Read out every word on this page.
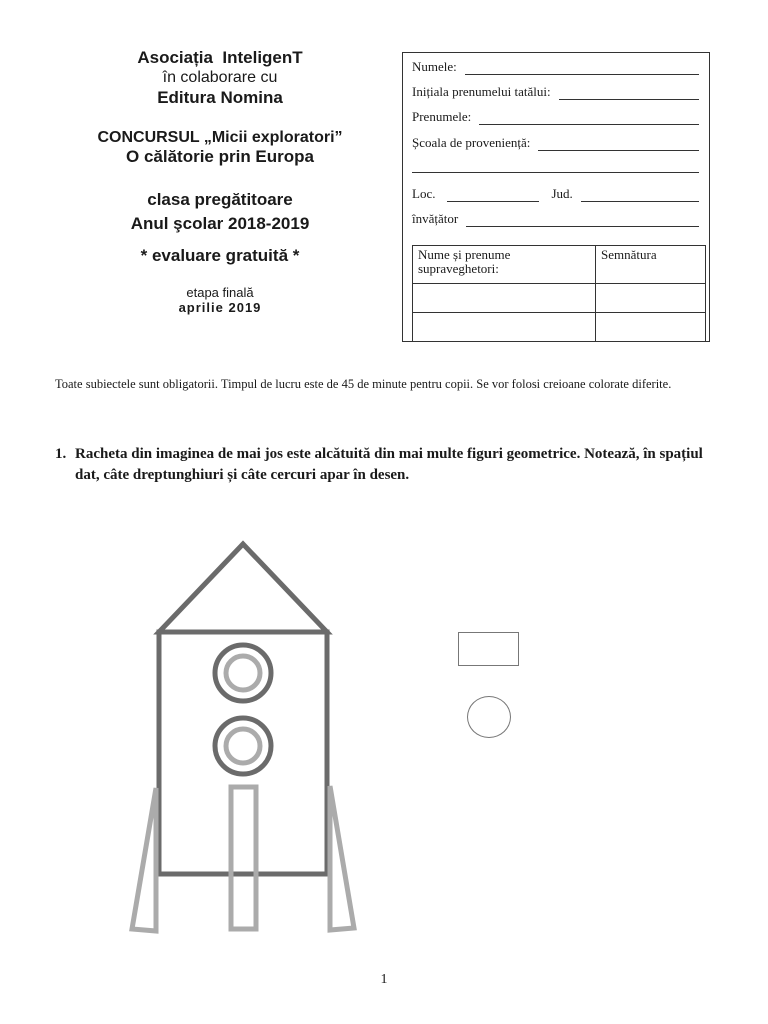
Asociația  InteligenT

în colaborare cu

Editura Nomina

CONCURSUL „Micii exploratori”

O călătorie prin Europa

clasa pregătitoare

Anul şcolar 2018-2019

* evaluare gratuită *

etapa finală

aprilie 2019

Numele:
Inițiala prenumelui tatălui:
Prenumele:
Școala de proveniență:
Loc.	Jud.
învățător
Nume și prenume supraveghetori:	Semnătura

Toate subiectele sunt obligatorii. Timpul de lucru este de 45 de minute pentru copii. Se vor folosi creioane colorate diferite.

1. Racheta din imaginea de mai jos este alcătuită din mai multe figuri geometrice. Notează, în spațiul dat, câte dreptunghiuri și câte cercuri apar în desen.

1
